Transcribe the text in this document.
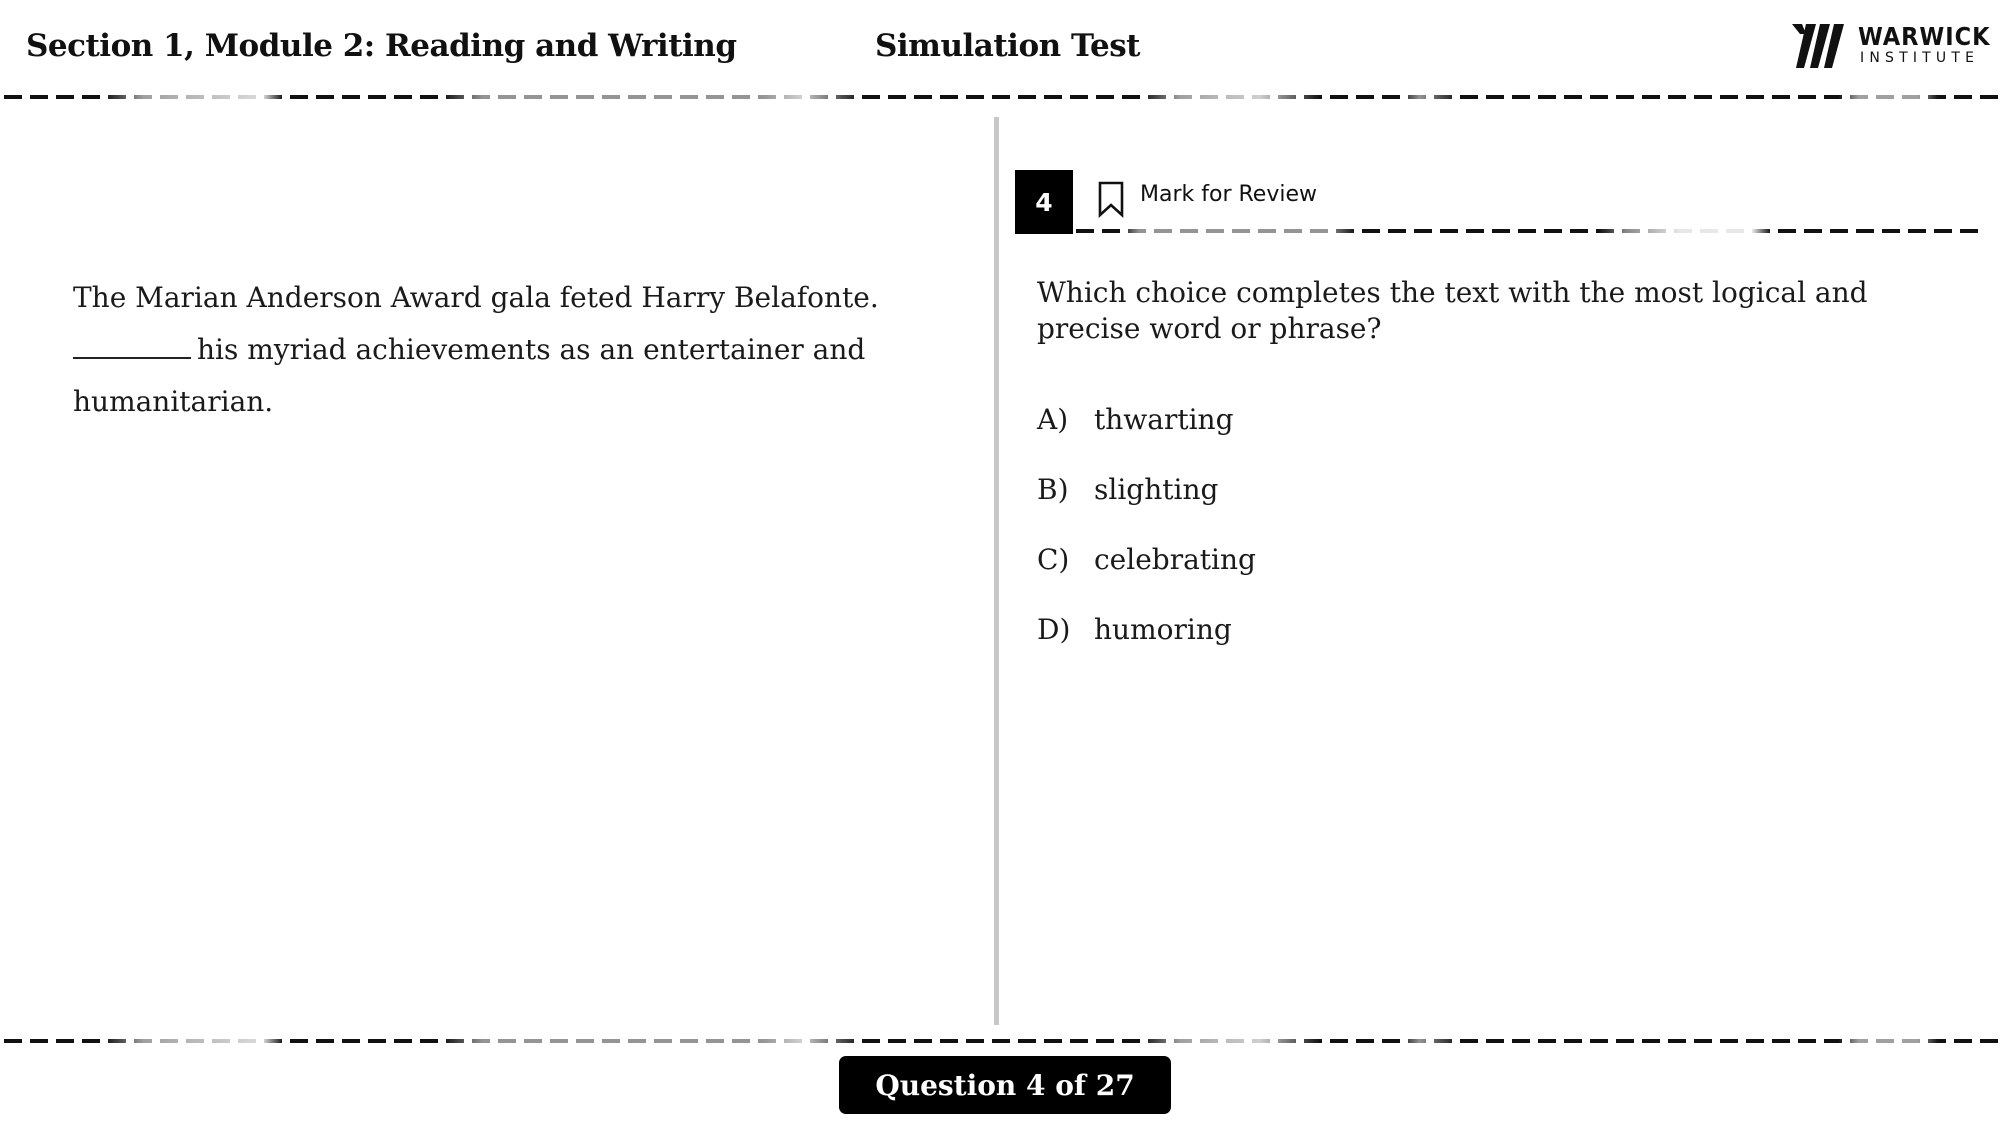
Section 1, Module 2: Reading and Writing	Simulation Test	WARWICK
INSTITUTE
The Marian Anderson Award gala feted Harry Belafonte.
his myriad achievements as an entertainer and humanitarian.
4	Mark for Review
Which choice completes the text with the most logical and precise word or phrase?
A) thwarting
B) slighting
C) celebrating
D) humoring
Question 4 of 27
